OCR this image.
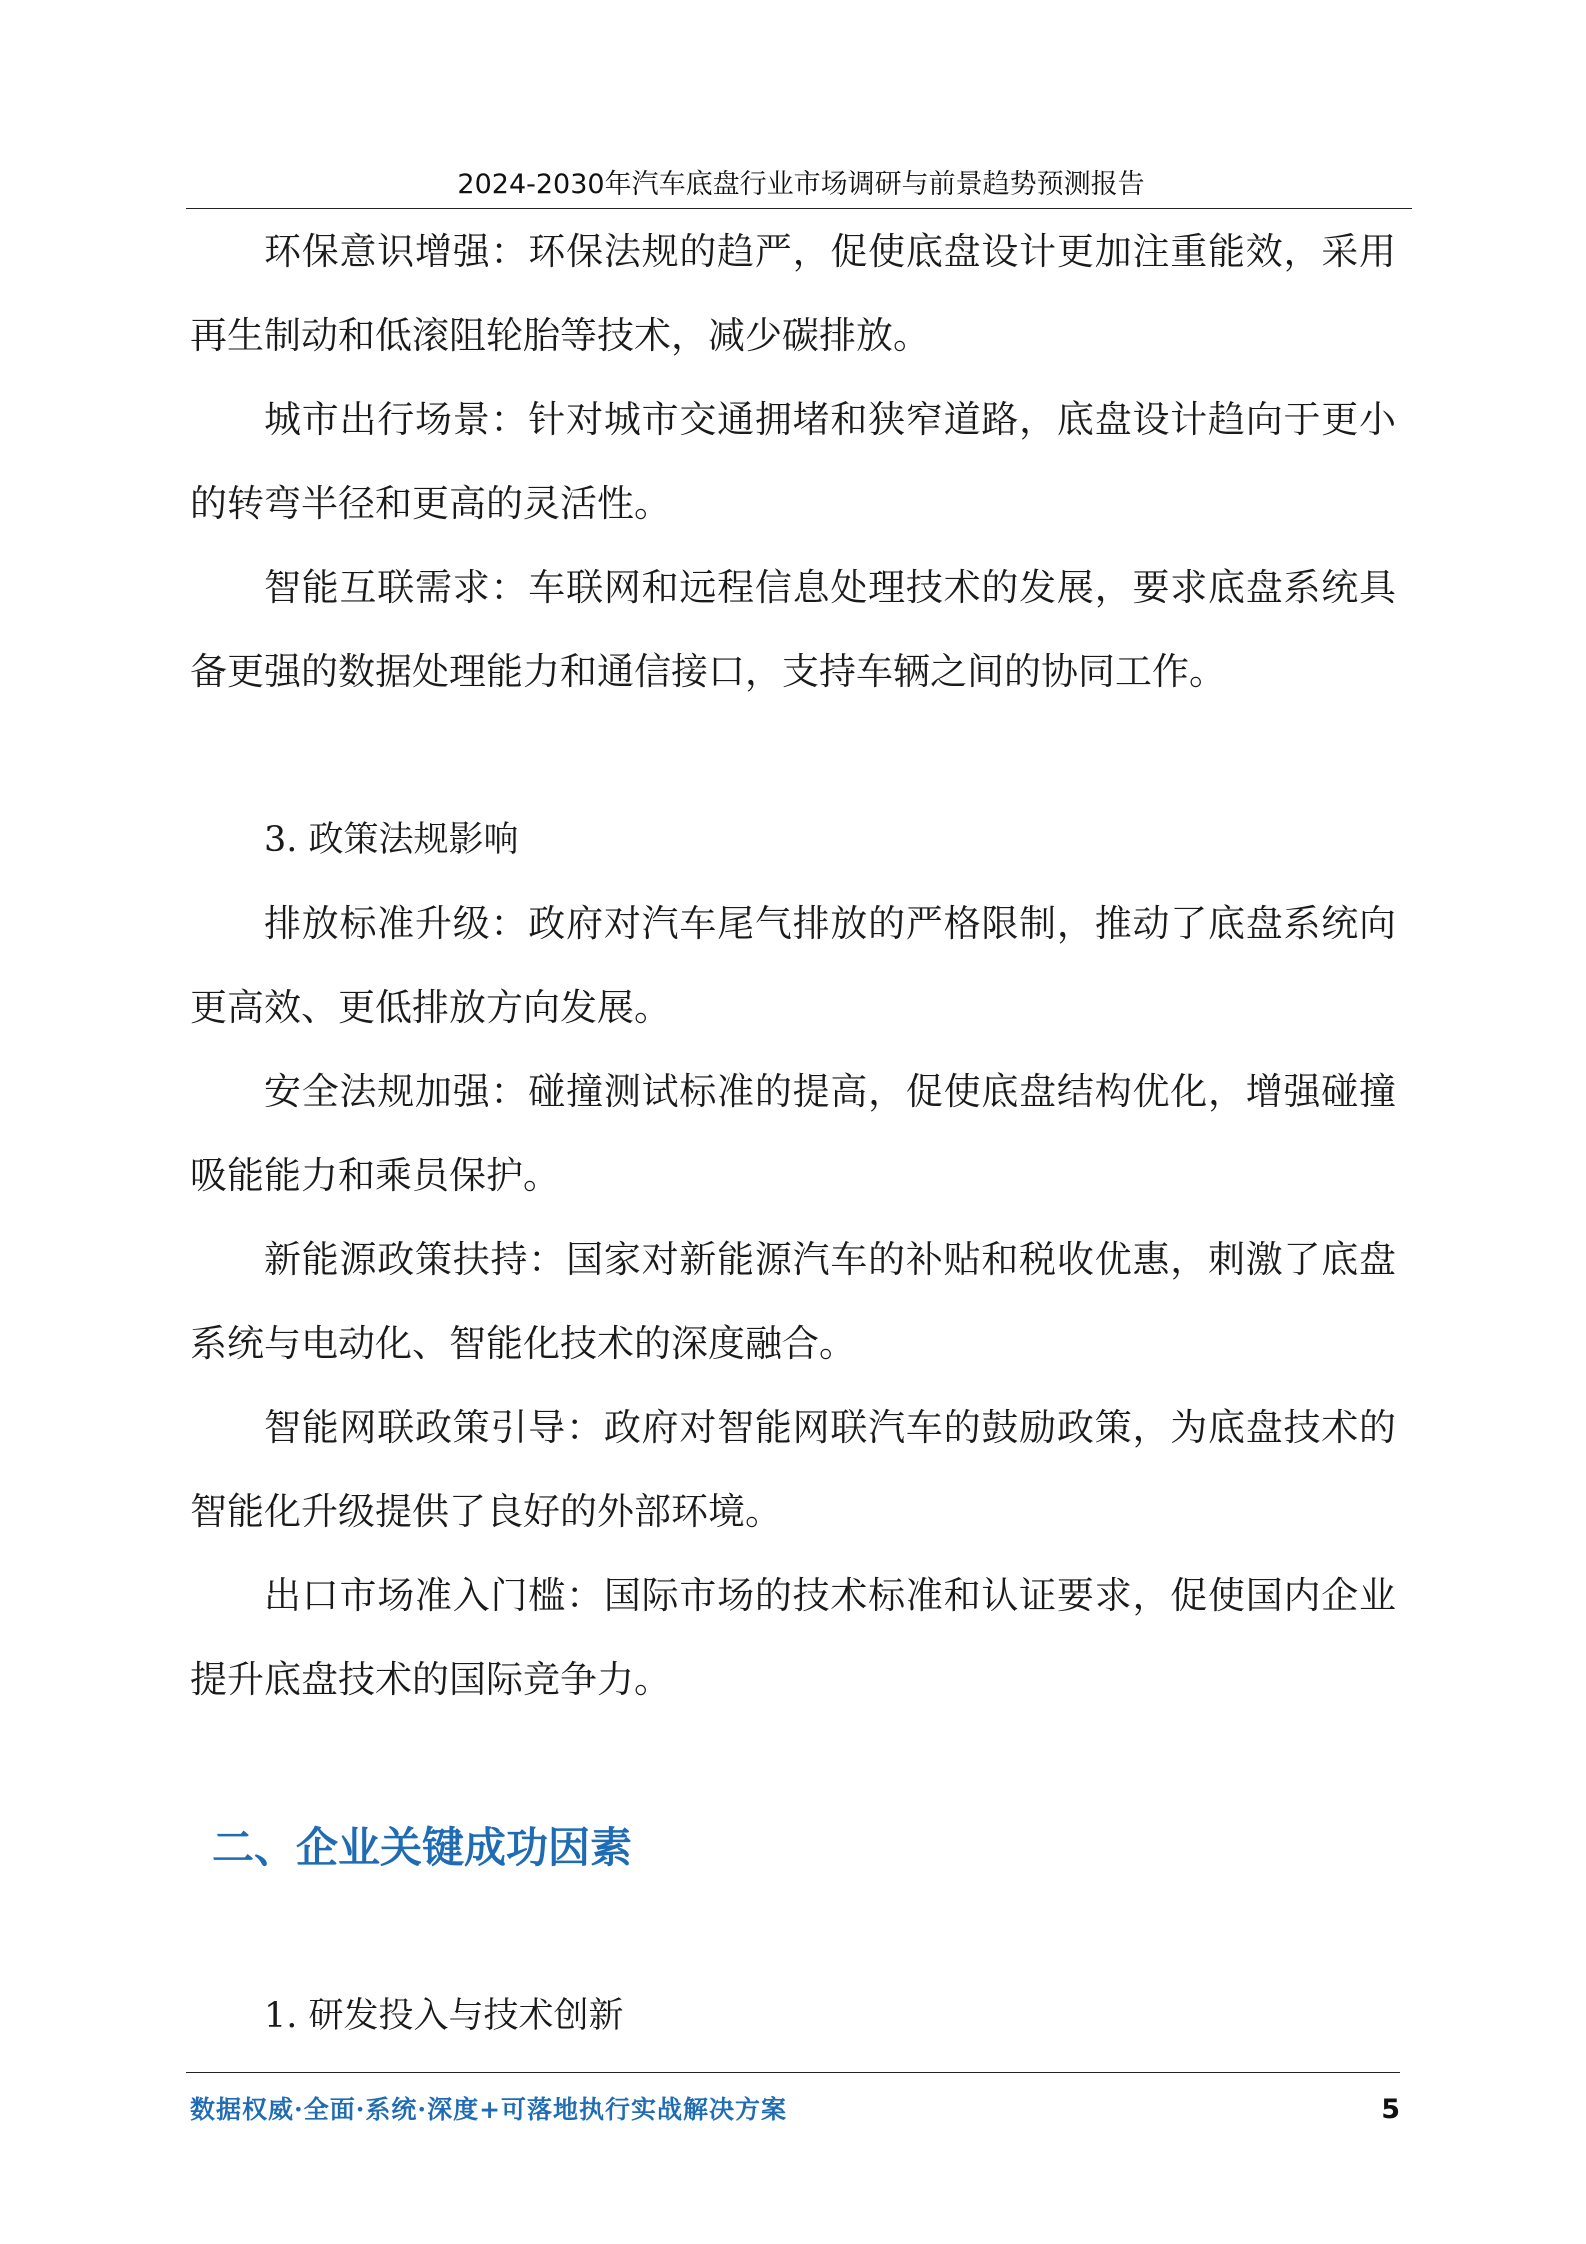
2024-2030年汽车底盘行业市场调研与前景趋势预测报告

环保意识增强：环保法规的趋严，促使底盘设计更加注重能效，采用再生制动和低滚阻轮胎等技术，减少碳排放。

城市出行场景：针对城市交通拥堵和狭窄道路，底盘设计趋向于更小的转弯半径和更高的灵活性。

智能互联需求：车联网和远程信息处理技术的发展，要求底盘系统具备更强的数据处理能力和通信接口，支持车辆之间的协同工作。

3. 政策法规影响

排放标准升级：政府对汽车尾气排放的严格限制，推动了底盘系统向更高效、更低排放方向发展。

安全法规加强：碰撞测试标准的提高，促使底盘结构优化，增强碰撞吸能能力和乘员保护。

新能源政策扶持：国家对新能源汽车的补贴和税收优惠，刺激了底盘系统与电动化、智能化技术的深度融合。

智能网联政策引导：政府对智能网联汽车的鼓励政策，为底盘技术的智能化升级提供了良好的外部环境。

出口市场准入门槛：国际市场的技术标准和认证要求，促使国内企业提升底盘技术的国际竞争力。

二、企业关键成功因素
1. 研发投入与技术创新
数据权威·全面·系统·深度+可落地执行实战解决方案	5
